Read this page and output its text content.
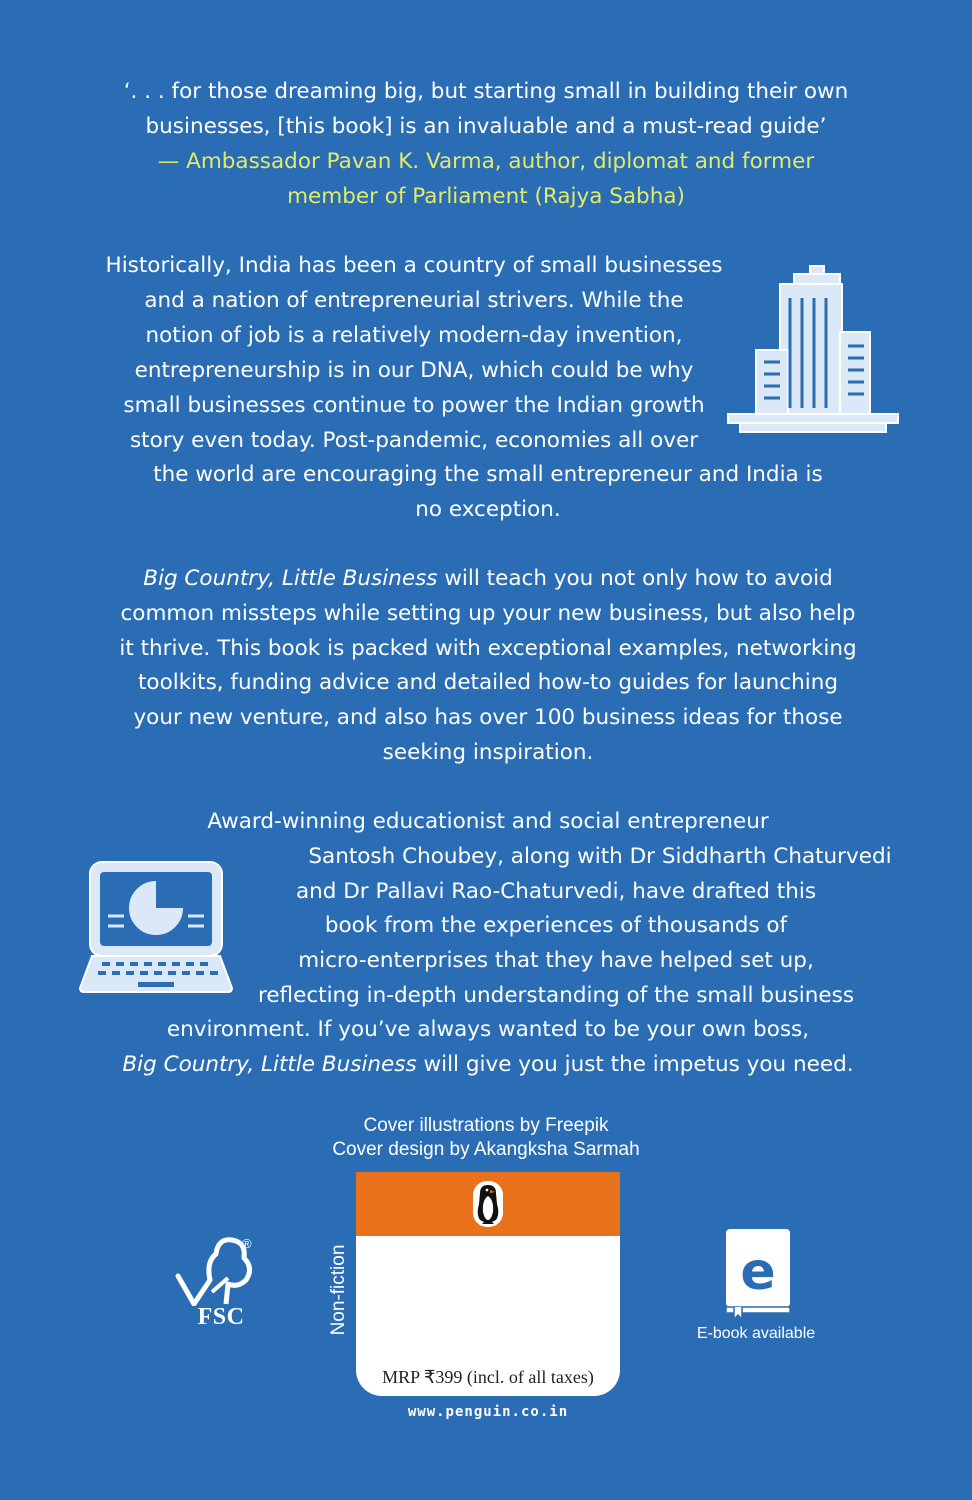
‘. . . for those dreaming big, but starting small in building their own
businesses, [this book] is an invaluable and a must-read guide’
— Ambassador Pavan K. Varma, author, diplomat and former
member of Parliament (Rajya Sabha)
Historically, India has been a country of small businesses
and a nation of entrepreneurial strivers. While the
notion of job is a relatively modern-day invention,
entrepreneurship is in our DNA, which could be why
small businesses continue to power the Indian growth
story even today. Post-pandemic, economies all over
the world are encouraging the small entrepreneur and India is
no exception.
Big Country, Little Business will teach you not only how to avoid
common missteps while setting up your new business, but also help
it thrive. This book is packed with exceptional examples, networking
toolkits, funding advice and detailed how-to guides for launching
your new venture, and also has over 100 business ideas for those
seeking inspiration.
Award-winning educationist and social entrepreneur
Santosh Choubey, along with Dr Siddharth Chaturvedi
and Dr Pallavi Rao-Chaturvedi, have drafted this
book from the experiences of thousands of
micro-enterprises that they have helped set up,
reflecting in-depth understanding of the small business
environment. If you’ve always wanted to be your own boss,
Big Country, Little Business will give you just the impetus you need.
Cover illustrations by Freepik
Cover design by Akangksha Sarmah
®
FSC	Non-fiction
MRP ₹399 (incl. of all taxes)
www.penguin.co.in
e
E-book available
